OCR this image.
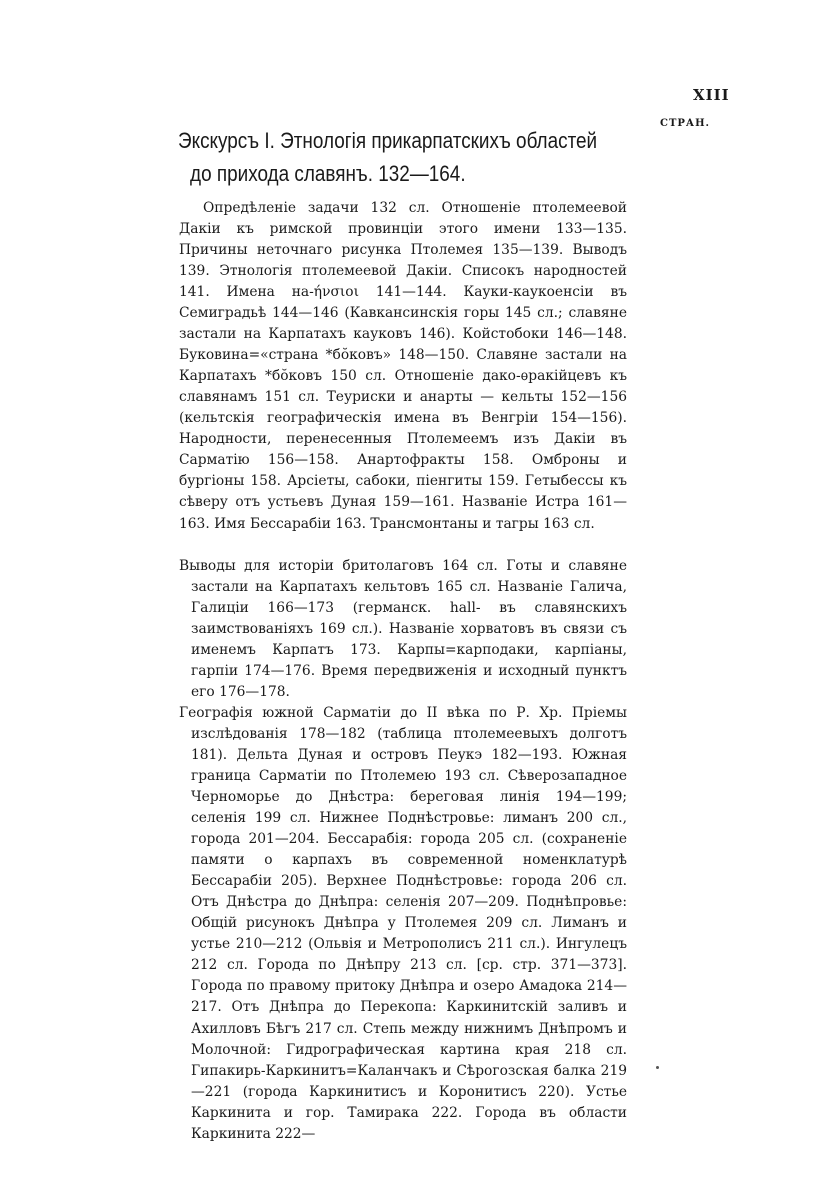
XIII
СТРАН.
Экскурсъ I. Этнологія прикарпатскихъ областей
до прихода славянъ. 132—164.

Опредѣленіе задачи 132 сл. Отношеніе птолемеевой Дакіи къ римской провинціи этого имени 133—135. Причины неточнаго рисунка Птолемея 135—139. Выводъ 139. Этнологія птолемеевой Дакіи. Списокъ народностей 141. Имена на-ήνσιοι 141—144. Кауки-каукоенсіи въ Семиградьѣ 144—146 (Кавкансинскія горы 145 сл.; славяне застали на Карпатахъ кауковъ 146). Койстобоки 146—148. Буковина=«страна *бŏковъ» 148—150. Славяне застали на Карпатахъ *бŏковъ 150 сл. Отношеніе дако-ѳракійцевъ къ славянамъ 151 сл. Теуриски и анарты — кельты 152—156 (кельтскія географическія имена въ Венгріи 154—156). Народности, перенесенныя Птолемеемъ изъ Дакіи въ Сарматію 156—158. Анартофракты 158. Омброны и бургіоны 158. Арсіеты, сабоки, піенгиты 159. Гетыбессы къ сѣверу отъ устьевъ Дуная 159—161. Названіе Истра 161—163. Имя Бессарабіи 163. Трансмонтаны и тагры 163 сл.

Выводы для исторіи бритолаговъ 164 сл. Готы и славяне застали на Карпатахъ кельтовъ 165 сл. Названіе Галича, Галиціи 166—173 (германск. hall- въ славянскихъ заимствованіяхъ 169 сл.). Названіе хорватовъ въ связи съ именемъ Карпатъ 173. Карпы=карподаки, карпіаны, гарпіи 174—176. Время передвиженія и исходный пунктъ его 176—178.

Географія южной Сарматіи до II вѣка по Р. Хр. Пріемы изслѣдованія 178—182 (таблица птолемеевыхъ долготъ 181). Дельта Дуная и островъ Пеукэ 182—193. Южная граница Сарматіи по Птолемею 193 сл. Сѣверозападное Черноморье до Днѣстра: береговая линія 194—199; селенія 199 сл. Нижнее Поднѣстровье: лиманъ 200 сл., города 201—204. Бессарабія: города 205 сл. (сохраненіе памяти о карпахъ въ современной номенклатурѣ Бессарабіи 205). Верхнее Поднѣстровье: города 206 сл. Отъ Днѣстра до Днѣпра: селенія 207—209. Поднѣпровье: Общій рисунокъ Днѣпра у Птолемея 209 сл. Лиманъ и устье 210—212 (Ольвія и Метрополисъ 211 сл.). Ингулецъ 212 сл. Города по Днѣпру 213 сл. [ср. стр. 371—373]. Города по правому притоку Днѣпра и озеро Амадока 214—217. Отъ Днѣпра до Перекопа: Каркинитскій заливъ и Ахилловъ Бѣгъ 217 сл. Степь между нижнимъ Днѣпромъ и Молочной: Гидрографическая картина края 218 сл. Гипакирь-Каркинитъ=Каланчакъ и Сѣрогозская балка 219—221 (города Каркинитисъ и Коронитисъ 220). Устье Каркинита и гор. Тамирака 222. Города въ области Каркинита 222—
